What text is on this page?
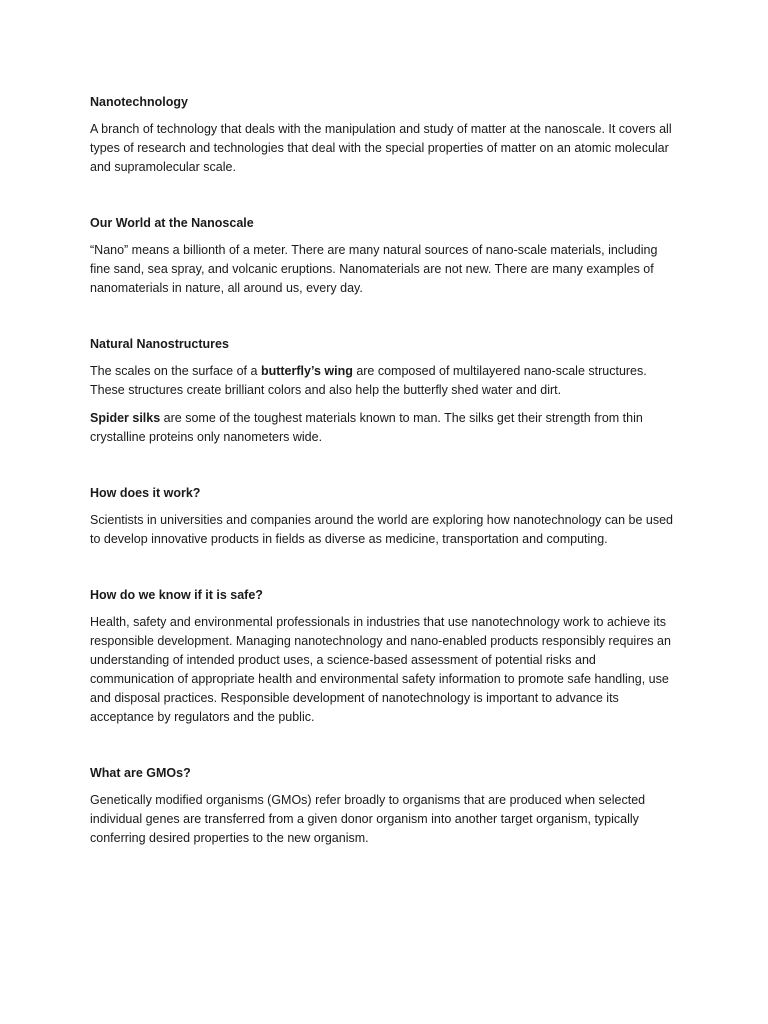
Nanotechnology

A branch of technology that deals with the manipulation and study of matter at the nanoscale. It covers all types of research and technologies that deal with the special properties of matter on an atomic molecular and supramolecular scale.

Our World at the Nanoscale

“Nano” means a billionth of a meter. There are many natural sources of nano-scale materials, including fine sand, sea spray, and volcanic eruptions. Nanomaterials are not new. There are many examples of nanomaterials in nature, all around us, every day.

Natural Nanostructures

The scales on the surface of a butterfly’s wing are composed of multilayered nano-scale structures. These structures create brilliant colors and also help the butterfly shed water and dirt.

Spider silks are some of the toughest materials known to man. The silks get their strength from thin crystalline proteins only nanometers wide.

How does it work?

Scientists in universities and companies around the world are exploring how nanotechnology can be used to develop innovative products in fields as diverse as medicine, transportation and computing.

How do we know if it is safe?

Health, safety and environmental professionals in industries that use nanotechnology work to achieve its responsible development. Managing nanotechnology and nano-enabled products responsibly requires an understanding of intended product uses, a science-based assessment of potential risks and communication of appropriate health and environmental safety information to promote safe handling, use and disposal practices. Responsible development of nanotechnology is important to advance its acceptance by regulators and the public.

What are GMOs?

Genetically modified organisms (GMOs) refer broadly to organisms that are produced when selected individual genes are transferred from a given donor organism into another target organism, typically conferring desired properties to the new organism.
